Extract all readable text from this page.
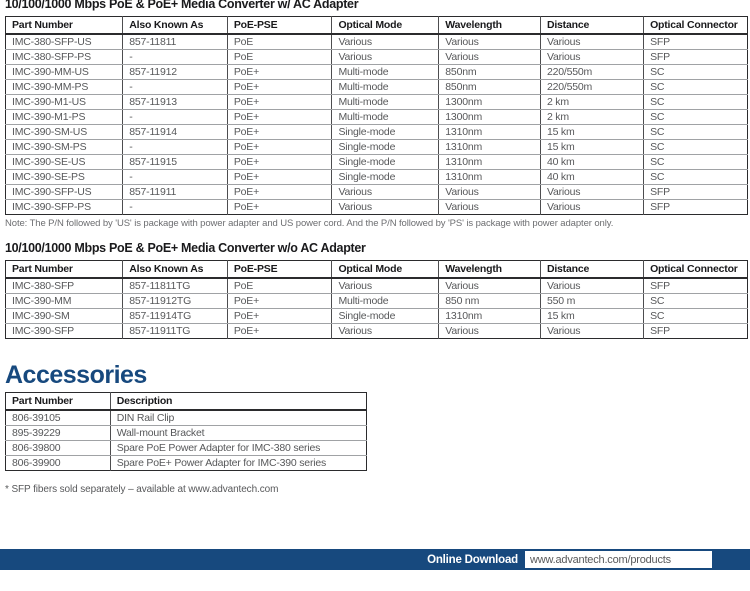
10/100/1000 Mbps PoE & PoE+ Media Converter w/ AC Adapter
Part Number	Also Known As	PoE-PSE	Optical Mode	Wavelength	Distance	Optical Connector
IMC-380-SFP-US	857-11811	PoE	Various	Various	Various	SFP
IMC-380-SFP-PS	-	PoE	Various	Various	Various	SFP
IMC-390-MM-US	857-11912	PoE+	Multi-mode	850nm	220/550m	SC
IMC-390-MM-PS	-	PoE+	Multi-mode	850nm	220/550m	SC
IMC-390-M1-US	857-11913	PoE+	Multi-mode	1300nm	2 km	SC
IMC-390-M1-PS	-	PoE+	Multi-mode	1300nm	2 km	SC
IMC-390-SM-US	857-11914	PoE+	Single-mode	1310nm	15 km	SC
IMC-390-SM-PS	-	PoE+	Single-mode	1310nm	15 km	SC
IMC-390-SE-US	857-11915	PoE+	Single-mode	1310nm	40 km	SC
IMC-390-SE-PS	-	PoE+	Single-mode	1310nm	40 km	SC
IMC-390-SFP-US	857-11911	PoE+	Various	Various	Various	SFP
IMC-390-SFP-PS	-	PoE+	Various	Various	Various	SFP
Note: The P/N followed by 'US' is package with power adapter and US power cord. And the P/N followed by 'PS' is package with power adapter only.
10/100/1000 Mbps PoE & PoE+ Media Converter w/o AC Adapter
Part Number	Also Known As	PoE-PSE	Optical Mode	Wavelength	Distance	Optical Connector
IMC-380-SFP	857-11811TG	PoE	Various	Various	Various	SFP
IMC-390-MM	857-11912TG	PoE+	Multi-mode	850 nm	550 m	SC
IMC-390-SM	857-11914TG	PoE+	Single-mode	1310nm	15 km	SC
IMC-390-SFP	857-11911TG	PoE+	Various	Various	Various	SFP
Accessories
Part Number	Description
806-39105	DIN Rail Clip
895-39229	Wall-mount Bracket
806-39800	Spare PoE Power Adapter for IMC-380 series
806-39900	Spare PoE+ Power Adapter for IMC-390 series
* SFP fibers sold separately – available at www.advantech.com
Online Download	www.advantech.com/products
